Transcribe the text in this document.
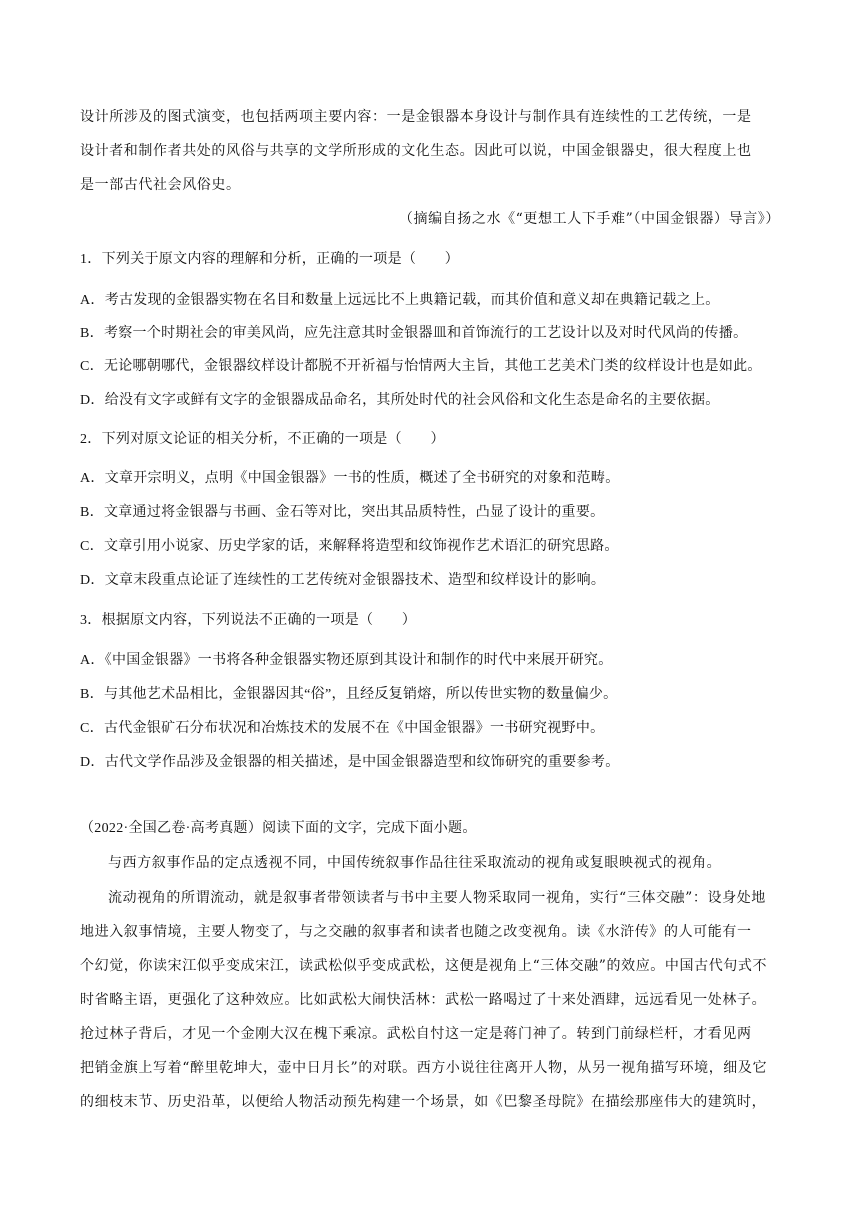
设计所涉及的图式演变，也包括两项主要内容：一是金银器本身设计与制作具有连续性的工艺传统，一是
设计者和制作者共处的风俗与共享的文学所形成的文化生态。因此可以说，中国金银器史，很大程度上也
是一部古代社会风俗史。
（摘编自扬之水《“更想工人下手难”（中国金银器）导言》）
1．下列关于原文内容的理解和分析，正确的一项是（　　）
A．考古发现的金银器实物在名目和数量上远远比不上典籍记载，而其价值和意义却在典籍记载之上。
B．考察一个时期社会的审美风尚，应先注意其时金银器皿和首饰流行的工艺设计以及对时代风尚的传播。
C．无论哪朝哪代，金银器纹样设计都脱不开祈福与怡情两大主旨，其他工艺美术门类的纹样设计也是如此。
D．给没有文字或鲜有文字的金银器成品命名，其所处时代的社会风俗和文化生态是命名的主要依据。
2．下列对原文论证的相关分析，不正确的一项是（　　）
A．文章开宗明义，点明《中国金银器》一书的性质，概述了全书研究的对象和范畴。
B．文章通过将金银器与书画、金石等对比，突出其品质特性，凸显了设计的重要。
C．文章引用小说家、历史学家的话，来解释将造型和纹饰视作艺术语汇的研究思路。
D．文章末段重点论证了连续性的工艺传统对金银器技术、造型和纹样设计的影响。
3．根据原文内容，下列说法不正确的一项是（　　）
A．《中国金银器》一书将各种金银器实物还原到其设计和制作的时代中来展开研究。
B．与其他艺术品相比，金银器因其“俗”，且经反复销熔，所以传世实物的数量偏少。
C．古代金银矿石分布状况和冶炼技术的发展不在《中国金银器》一书研究视野中。
D．古代文学作品涉及金银器的相关描述，是中国金银器造型和纹饰研究的重要参考。
（2022·全国乙卷·高考真题）阅读下面的文字，完成下面小题。
与西方叙事作品的定点透视不同，中国传统叙事作品往往采取流动的视角或复眼映视式的视角。
流动视角的所谓流动，就是叙事者带领读者与书中主要人物采取同一视角，实行“三体交融”：设身处地
地进入叙事情境，主要人物变了，与之交融的叙事者和读者也随之改变视角。读《水浒传》的人可能有一
个幻觉，你读宋江似乎变成宋江，读武松似乎变成武松，这便是视角上“三体交融”的效应。中国古代句式不
时省略主语，更强化了这种效应。比如武松大闹快活林：武松一路喝过了十来处酒肆，远远看见一处林子。
抢过林子背后，才见一个金刚大汉在槐下乘凉。武松自忖这一定是蒋门神了。转到门前绿栏杆，才看见两
把销金旗上写着“醉里乾坤大，壶中日月长”的对联。西方小说往往离开人物，从另一视角描写环境，细及它
的细枝末节、历史沿革，以便给人物活动预先构建一个场景，如《巴黎圣母院》在描绘那座伟大的建筑时，
